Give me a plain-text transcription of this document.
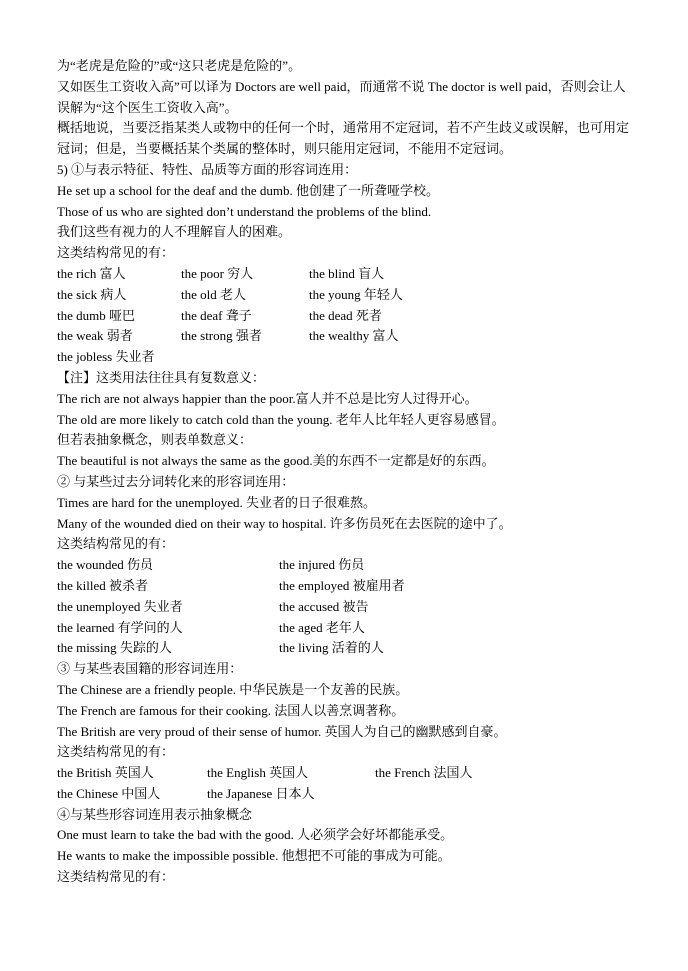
为“老虎是危险的”或“这只老虎是危险的”。
又如医生工资收入高”可以译为 Doctors are well paid，而通常不说 The doctor is well paid，否则会让人误解为“这个医生工资收入高”。
概括地说，当要泛指某类人或物中的任何一个时，通常用不定冠词，若不产生歧义或误解，也可用定冠词；但是，当要概括某个类属的整体时，则只能用定冠词，不能用不定冠词。
5) ①与表示特征、特性、品质等方面的形容词连用：
He set up a school for the deaf and the dumb. 他创建了一所聋哑学校。
Those of us who are sighted don’t understand the problems of the blind.
我们这些有视力的人不理解盲人的困难。
这类结构常见的有：
the rich 富人	the poor 穷人	the blind 盲人
the sick 病人	the old 老人	the young 年轻人
the dumb 哑巴	the deaf 聋子	the dead 死者
the weak 弱者	the strong 强者	the wealthy 富人
the jobless 失业者
【注】这类用法往往具有复数意义：
The rich are not always happier than the poor.富人并不总是比穷人过得开心。
The old are more likely to catch cold than the young. 老年人比年轻人更容易感冒。
但若表抽象概念，则表单数意义：
The beautiful is not always the same as the good.美的东西不一定都是好的东西。
② 与某些过去分词转化来的形容词连用：
Times are hard for the unemployed. 失业者的日子很难熬。
Many of the wounded died on their way to hospital. 许多伤员死在去医院的途中了。
这类结构常见的有：
the wounded 伤员	the injured 伤员
the killed 被杀者	the employed 被雇用者
the unemployed 失业者	the accused 被告
the learned 有学问的人	the aged 老年人
the missing 失踪的人	the living 活着的人
③ 与某些表国籍的形容词连用：
The Chinese are a friendly people. 中华民族是一个友善的民族。
The French are famous for their cooking. 法国人以善烹调著称。
The British are very proud of their sense of humor. 英国人为自己的幽默感到自豪。
这类结构常见的有：
the British 英国人	the English 英国人	the French 法国人
the Chinese 中国人	the Japanese 日本人
④与某些形容词连用表示抽象概念
One must learn to take the bad with the good. 人必须学会好坏都能承受。
He wants to make the impossible possible. 他想把不可能的事成为可能。
这类结构常见的有：
